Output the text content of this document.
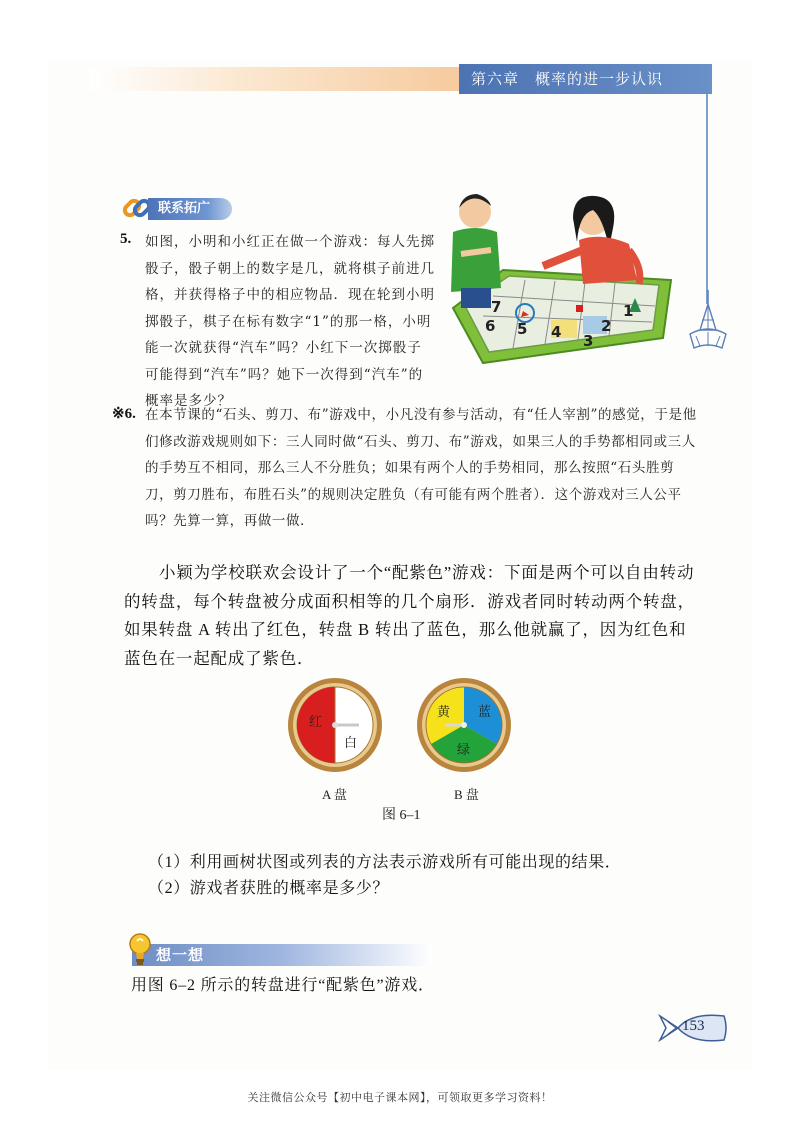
第六章　概率的进一步认识
联系拓广
5. 如图，小明和小红正在做一个游戏：每人先掷骰子，骰子朝上的数字是几，就将棋子前进几格，并获得格子中的相应物品．现在轮到小明掷骰子，棋子在标有数字“1”的那一格，小明能一次就获得“汽车”吗？小红下一次掷骰子可能得到“汽车”吗？她下一次得到“汽车”的概率是多少？
7
6 5 4 3
2
1
※6. 在本节课的“石头、剪刀、布”游戏中，小凡没有参与活动，有“任人宰割”的感觉，于是他们修改游戏规则如下：三人同时做“石头、剪刀、布”游戏，如果三人的手势都相同或三人的手势互不相同，那么三人不分胜负；如果有两个人的手势相同，那么按照“石头胜剪刀，剪刀胜布，布胜石头”的规则决定胜负（有可能有两个胜者）．这个游戏对三人公平吗？先算一算，再做一做．
小颖为学校联欢会设计了一个“配紫色”游戏：下面是两个可以自由转动的转盘，每个转盘被分成面积相等的几个扇形．游戏者同时转动两个转盘，如果转盘 A 转出了红色，转盘 B 转出了蓝色，那么他就赢了，因为红色和蓝色在一起配成了紫色．
红
白
A 盘
黄 蓝
绿
B 盘
图 6–1
（1）利用画树状图或列表的方法表示游戏所有可能出现的结果．
（2）游戏者获胜的概率是多少？
想一想
用图 6–2 所示的转盘进行“配紫色”游戏．
153
关注微信公众号【初中电子课本网】，可领取更多学习资料！
